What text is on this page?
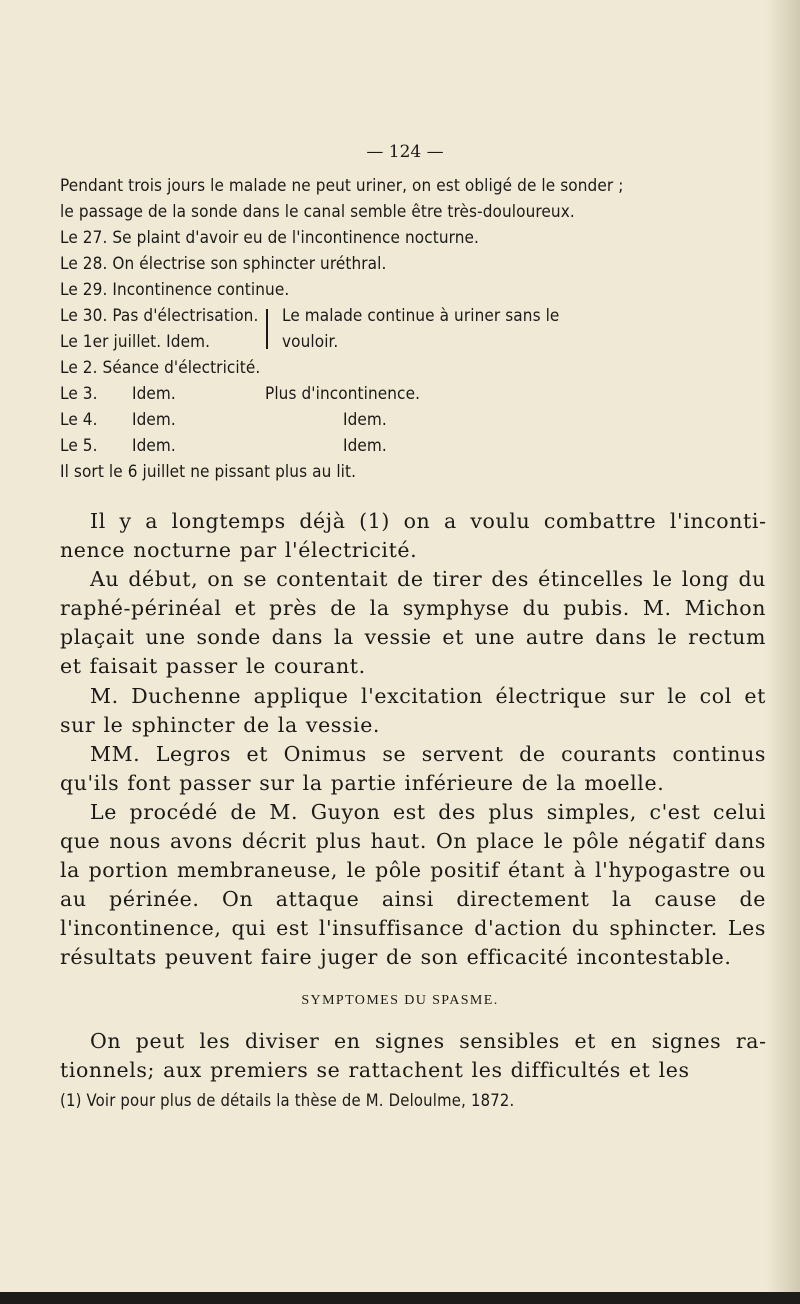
— 124 —
Pendant trois jours le malade ne peut uriner, on est obligé de le sonder ;
le passage de la sonde dans le canal semble être très-douloureux.
Le 27. Se plaint d'avoir eu de l'incontinence nocturne.
Le 28. On électrise son sphincter uréthral.
Le 29. Incontinence continue.
Le 30. Pas d'électrisation.
Le 1er juillet. Idem.
Le malade continue à uriner sans le
vouloir.
Le 2. Séance d'électricité.
Le 3. Idem.	Plus d'incontinence.
Le 4. Idem.	Idem.
Le 5. Idem.	Idem.
Il sort le 6 juillet ne pissant plus au lit.

Il y a longtemps déjà (1) on a voulu combattre l'incontinence nocturne par l'électricité.

Au début, on se contentait de tirer des étincelles le long du raphé-périnéal et près de la symphyse du pubis. M. Michon plaçait une sonde dans la vessie et une autre dans le rectum et faisait passer le courant.

M. Duchenne applique l'excitation électrique sur le col et sur le sphincter de la vessie.

MM. Legros et Onimus se servent de courants continus qu'ils font passer sur la partie inférieure de la moelle.

Le procédé de M. Guyon est des plus simples, c'est celui que nous avons décrit plus haut. On place le pôle négatif dans la portion membraneuse, le pôle positif étant à l'hypogastre ou au périnée. On attaque ainsi directement la cause de l'incontinence, qui est l'insuffisance d'action du sphincter. Les résultats peuvent faire juger de son efficacité incontestable.

SYMPTOMES DU SPASME.

On peut les diviser en signes sensibles et en signes rationnels; aux premiers se rattachent les difficultés et les

(1) Voir pour plus de détails la thèse de M. Deloulme, 1872.
